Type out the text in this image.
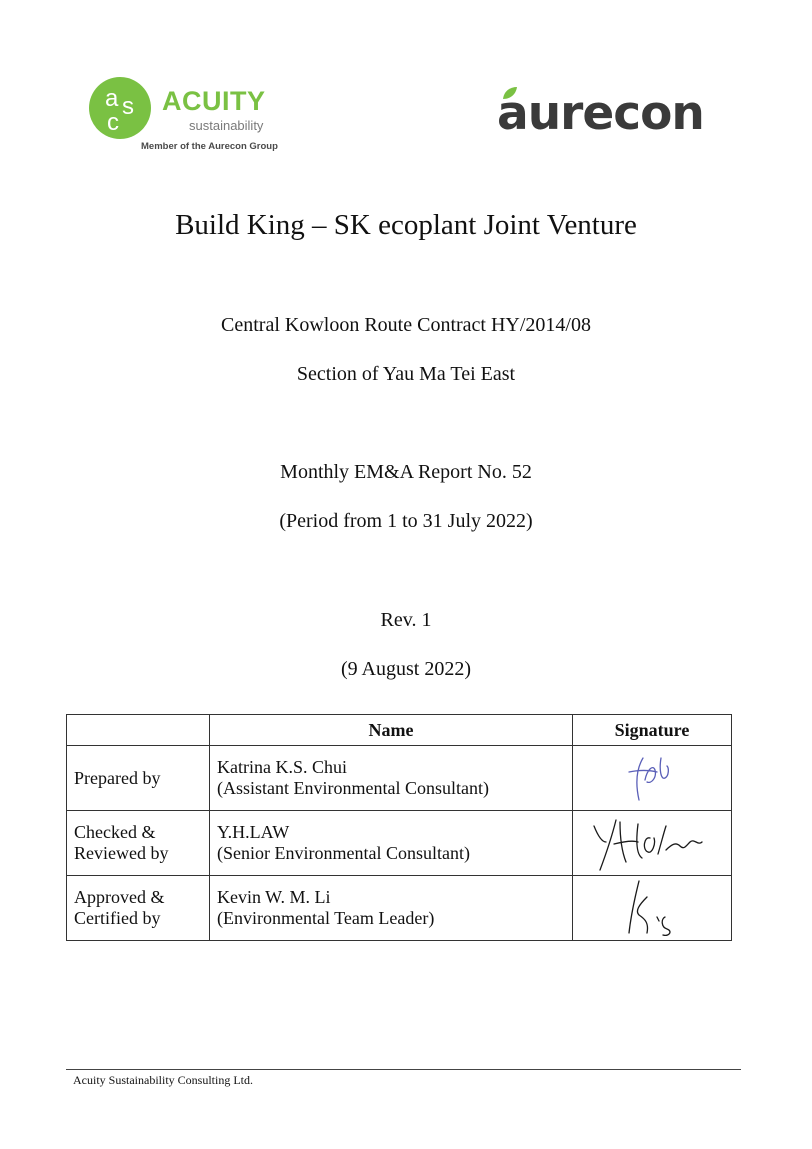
a s
c
ACUITY
sustainability
Member of the Aurecon Group
aurecon
Build King – SK ecoplant Joint Venture
Central Kowloon Route Contract HY/2014/08
Section of Yau Ma Tei East
Monthly EM&A Report No. 52
(Period from 1 to 31 July 2022)
Rev. 1
(9 August 2022)
	Name	Signature
Prepared by	Katrina K.S. Chui
(Assistant Environmental Consultant)

Checked & Reviewed by	Y.H.LAW
(Senior Environmental Consultant)

Approved & Certified by	Kevin W. M. Li
(Environmental Team Leader)

Acuity Sustainability Consulting Ltd.
